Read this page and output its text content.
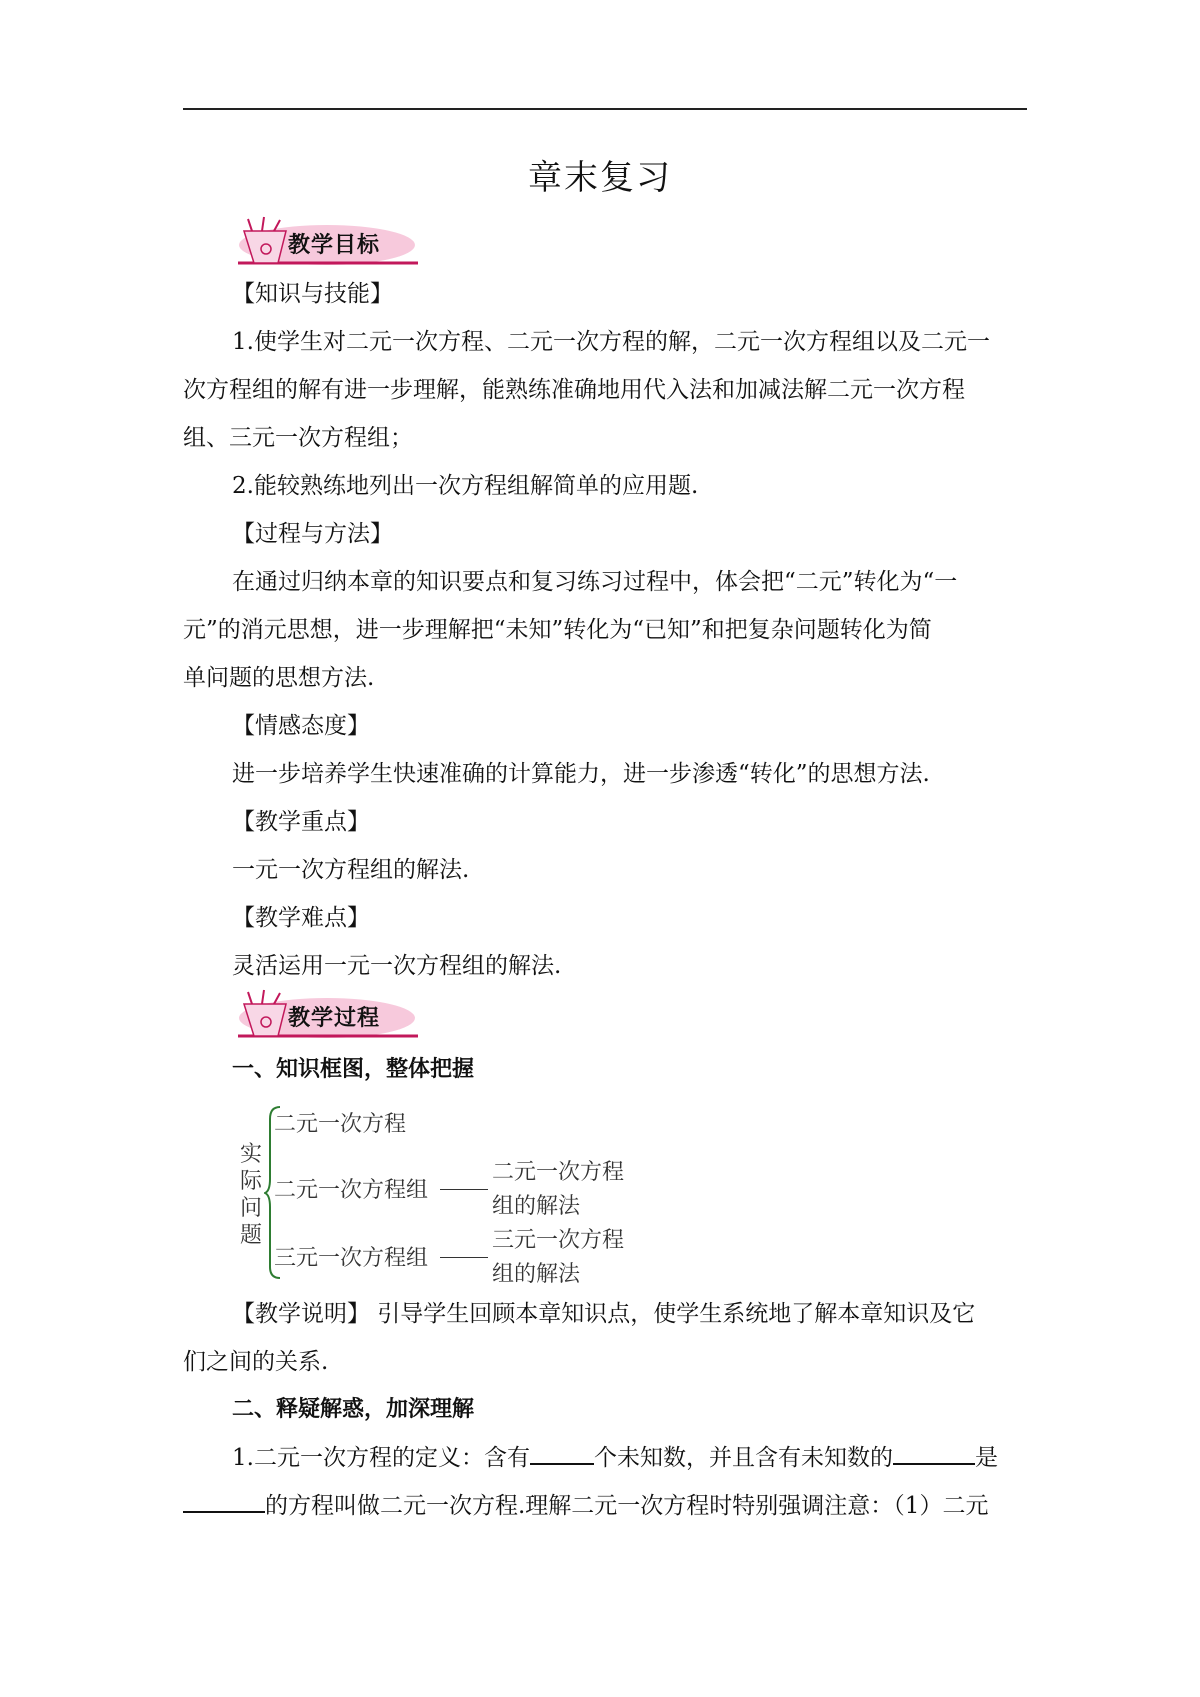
章末复习
教学目标
【知识与技能】
1.使学生对二元一次方程、二元一次方程的解，二元一次方程组以及二元一
次方程组的解有进一步理解，能熟练准确地用代入法和加减法解二元一次方程
组、三元一次方程组；
2.能较熟练地列出一次方程组解简单的应用题.
【过程与方法】
在通过归纳本章的知识要点和复习练习过程中，体会把“二元”转化为“一
元”的消元思想，进一步理解把“未知”转化为“已知”和把复杂问题转化为简
单问题的思想方法.
【情感态度】
进一步培养学生快速准确的计算能力，进一步渗透“转化”的思想方法.
【教学重点】
一元一次方程组的解法.
【教学难点】
灵活运用一元一次方程组的解法.
教学过程
一、知识框图，整体把握
实
际
问
题
二元一次方程
二元一次方程组
二元一次方程
组的解法
三元一次方程组
三元一次方程
组的解法
【教学说明】 引导学生回顾本章知识点，使学生系统地了解本章知识及它
们之间的关系.
二、释疑解惑，加深理解
1.二元一次方程的定义：含有	个未知数，并且含有未知数的	是
的方程叫做二元一次方程.理解二元一次方程时特别强调注意：（1）二元
